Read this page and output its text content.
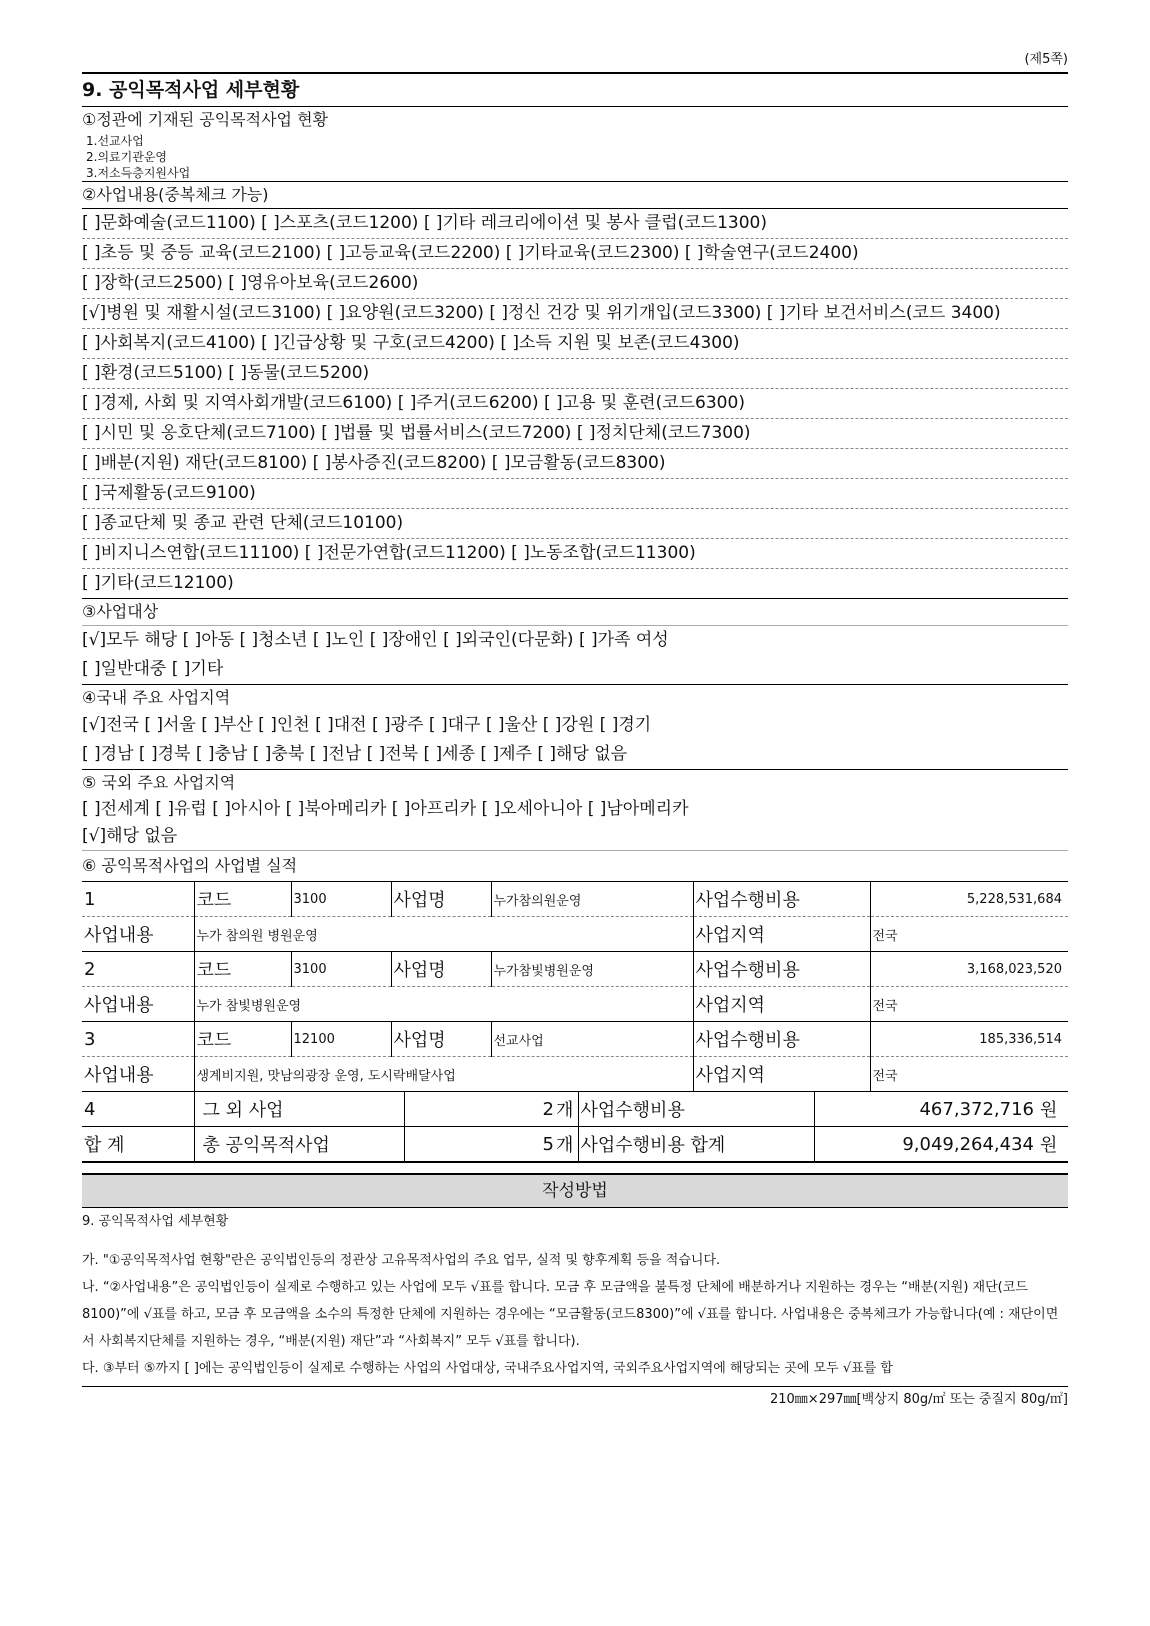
(제5쪽)
9. 공익목적사업 세부현황
①정관에 기재된 공익목적사업 현황
1.선교사업
2.의료기관운영
3.저소득층지원사업
②사업내용(중복체크 가능)
[ ]문화예술(코드1100) [ ]스포츠(코드1200) [ ]기타 레크리에이션 및 봉사 클럽(코드1300)
[ ]초등 및 중등 교육(코드2100) [ ]고등교육(코드2200) [ ]기타교육(코드2300) [ ]학술연구(코드2400)
[ ]장학(코드2500) [ ]영유아보육(코드2600)
[√]병원 및 재활시설(코드3100) [ ]요양원(코드3200) [ ]정신 건강 및 위기개입(코드3300) [ ]기타 보건서비스(코드 3400)
[ ]사회복지(코드4100) [ ]긴급상황 및 구호(코드4200) [ ]소득 지원 및 보존(코드4300)
[ ]환경(코드5100) [ ]동물(코드5200)
[ ]경제, 사회 및 지역사회개발(코드6100) [ ]주거(코드6200) [ ]고용 및 훈련(코드6300)
[ ]시민 및 옹호단체(코드7100) [ ]법률 및 법률서비스(코드7200) [ ]정치단체(코드7300)
[ ]배분(지원) 재단(코드8100) [ ]봉사증진(코드8200) [ ]모금활동(코드8300)
[ ]국제활동(코드9100)
[ ]종교단체 및 종교 관련 단체(코드10100)
[ ]비지니스연합(코드11100) [ ]전문가연합(코드11200) [ ]노동조합(코드11300)
[ ]기타(코드12100)
③사업대상
[√]모두 해당 [ ]아동 [ ]청소년 [ ]노인 [ ]장애인 [ ]외국인(다문화) [ ]가족 여성
[ ]일반대중 [ ]기타
④국내 주요 사업지역
[√]전국 [ ]서울 [ ]부산 [ ]인천 [ ]대전 [ ]광주 [ ]대구 [ ]울산 [ ]강원 [ ]경기
[ ]경남 [ ]경북 [ ]충남 [ ]충북 [ ]전남 [ ]전북 [ ]세종 [ ]제주 [ ]해당 없음
⑤ 국외 주요 사업지역
[ ]전세계 [ ]유럽 [ ]아시아 [ ]북아메리카 [ ]아프리카 [ ]오세아니아 [ ]남아메리카
[√]해당 없음
⑥ 공익목적사업의 사업별 실적
1	코드	3100	사업명	누가참의원운영	사업수행비용	5,228,531,684
사업내용	누가 참의원 병원운영				사업지역	전국
2	코드	3100	사업명	누가참빛병원운영	사업수행비용	3,168,023,520
사업내용	누가 참빛병원운영				사업지역	전국
3	코드	12100	사업명	선교사업	사업수행비용	185,336,514
사업내용	생계비지원, 맛남의광장 운영, 도시락배달사업				사업지역	전국
4	그 외 사업	2	개	사업수행비용	467,372,716	원
합 계	총 공익목적사업	5	개	사업수행비용 합계	9,049,264,434	원
작성방법
9. 공익목적사업 세부현황
가. "①공익목적사업 현황"란은 공익법인등의 정관상 고유목적사업의 주요 업무, 실적 및 향후계획 등을 적습니다.
나. “②사업내용”은 공익법인등이 실제로 수행하고 있는 사업에 모두 √표를 합니다. 모금 후 모금액을 불특정 단체에 배분하거나 지원하는 경우는 “배분(지원) 재단(코드8100)”에 √표를 하고, 모금 후 모금액을 소수의 특정한 단체에 지원하는 경우에는 “모금활동(코드8300)”에 √표를 합니다. 사업내용은 중복체크가 가능합니다(예 : 재단이면서 사회복지단체를 지원하는 경우, “배분(지원) 재단”과 “사회복지” 모두 √표를 합니다).
다. ③부터 ⑤까지 [ ]에는 공익법인등이 실제로 수행하는 사업의 사업대상, 국내주요사업지역, 국외주요사업지역에 해당되는 곳에 모두 √표를 합
210㎜×297㎜[백상지 80g/㎡ 또는 중질지 80g/㎡]
